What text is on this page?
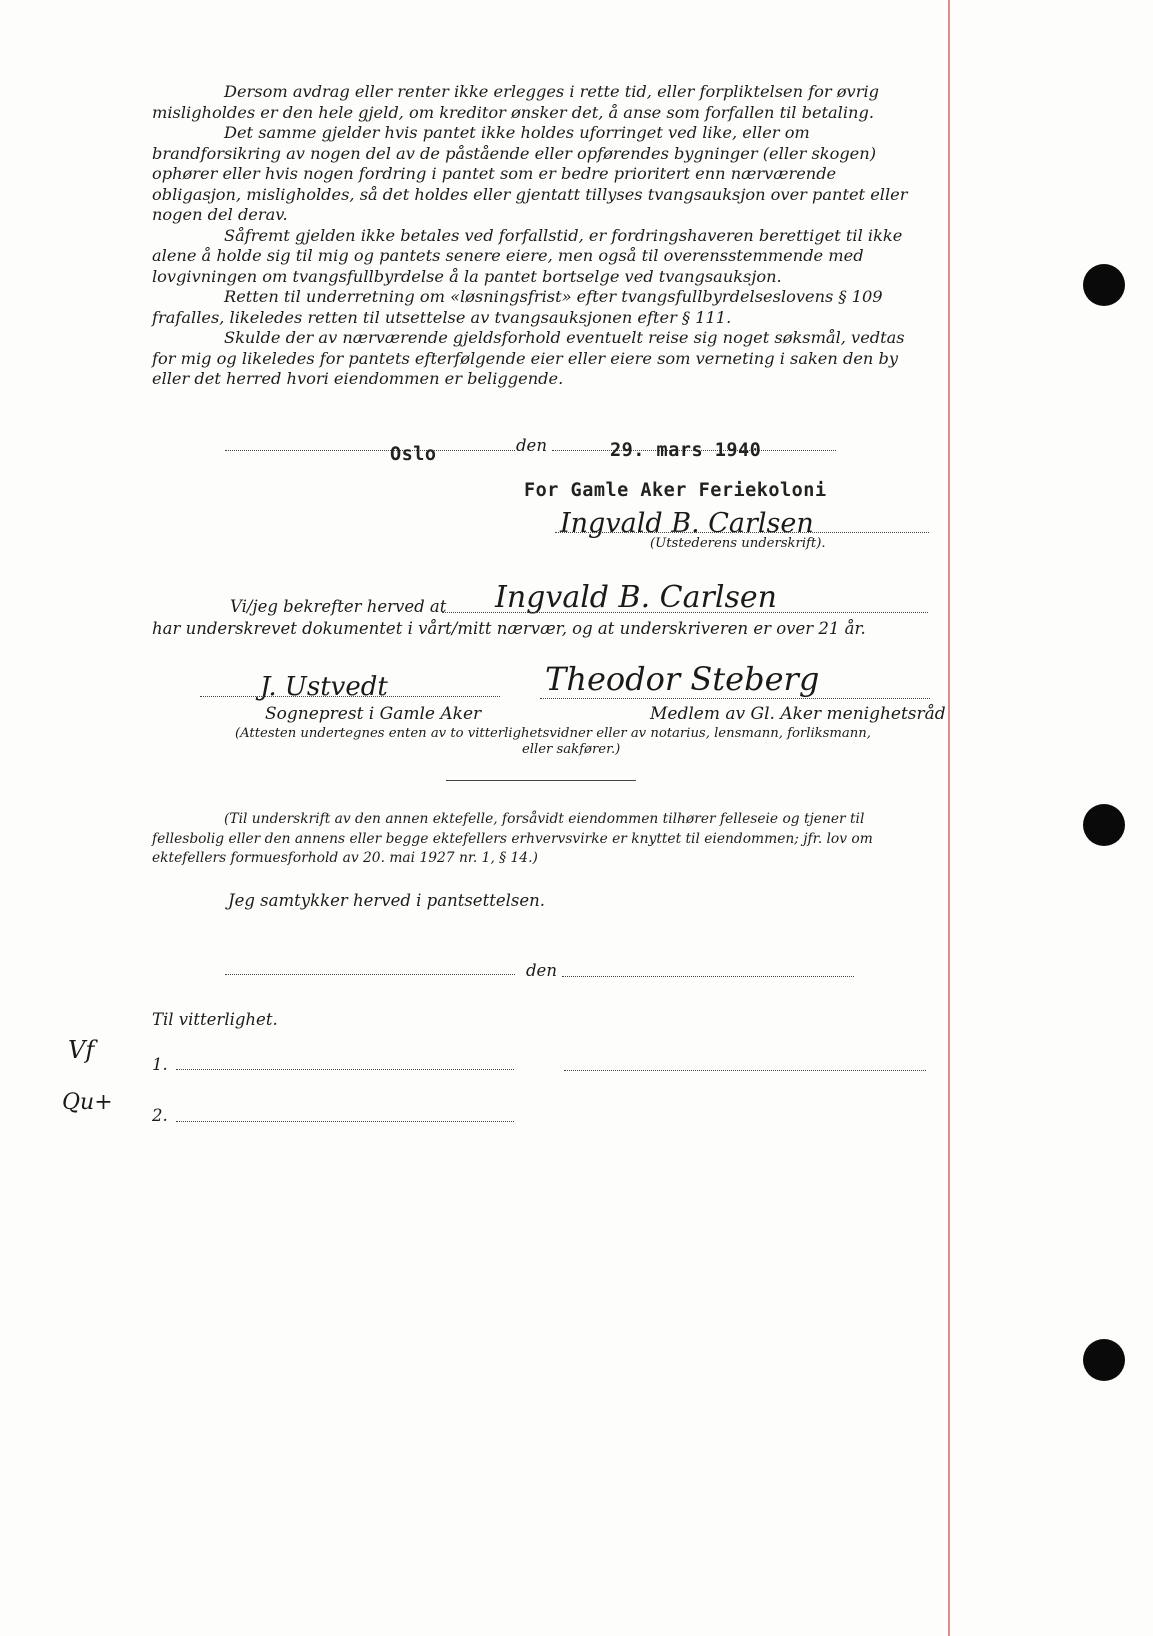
Dersom avdrag eller renter ikke erlegges i rette tid, eller forpliktelsen for øvrig misligholdes er den hele gjeld, om kreditor ønsker det, å anse som forfallen til betaling.

Det samme gjelder hvis pantet ikke holdes uforringet ved like, eller om brandforsikring av nogen del av de påstående eller opførendes bygninger (eller skogen) ophører eller hvis nogen fordring i pantet som er bedre prioritert enn nærværende obligasjon, misligholdes, så det holdes eller gjentatt tillyses tvangsauksjon over pantet eller nogen del derav.

Såfremt gjelden ikke betales ved forfallstid, er fordringshaveren berettiget til ikke alene å holde sig til mig og pantets senere eiere, men også til overensstemmende med lovgivningen om tvangsfullbyrdelse å la pantet bortselge ved tvangsauksjon.

Retten til underretning om «løsningsfrist» efter tvangsfullbyrdelseslovens § 109 frafalles, likeledes retten til utsettelse av tvangsauksjonen efter § 111.

Skulde der av nærværende gjeldsforhold eventuelt reise sig noget søksmål, vedtas for mig og likeledes for pantets efterfølgende eier eller eiere som verneting i saken den by eller det herred hvori eiendommen er beliggende.

Oslo	den	29. mars 1940
For Gamle Aker Feriekoloni
Ingvald B. Carlsen
(Utstederens underskrift).
Ingvald B. Carlsen
Vi/jeg bekrefter herved at
har underskrevet dokumentet i vårt/mitt nærvær, og at underskriveren er over 21 år.
J. Ustvedt	Theodor Steberg
Sogneprest i Gamle Aker	Medlem av Gl. Aker menighetsråd
(Attesten undertegnes enten av to vitterlighetsvidner eller av notarius, lensmann, forliksmann,
eller sakfører.)

(Til underskrift av den annen ektefelle, forsåvidt eiendommen tilhører felleseie og tjener til fellesbolig eller den annens eller begge ektefellers erhvervsvirke er knyttet til eiendommen; jfr. lov om ektefellers formuesforhold av 20. mai 1927 nr. 1, § 14.)

Jeg samtykker herved i pantsettelsen.
den
Til vitterlighet.
1.
2.
Vf
Qu+
